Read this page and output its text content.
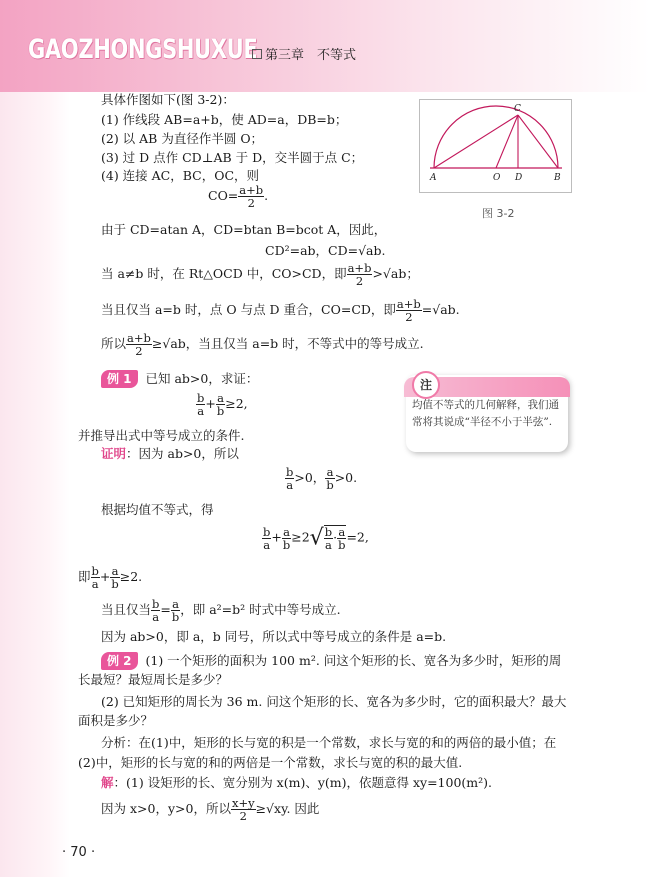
GAOZHONGSHUXUE 第三章　不等式
具体作图如下(图 3-2)：
(1) 作线段 AB=a+b，使 AD=a，DB=b；
(2) 以 AB 为直径作半圆 O；
(3) 过 D 点作 CD⊥AB 于 D，交半圆于点 C；
(4) 连接 AC，BC，OC，则
$CO= \frac{a+b}{2}$ .
由于 CD=atan A，CD=btan B=bcot A，因此，
CD²=ab，CD=√ab.
当 a≠b 时，在 Rt△OCD 中，CO>CD，即 $\frac{a+b}{2} >√ab$；
当且仅当 a=b 时，点 O 与点 D 重合，CO=CD，即 $\frac{a+b}{2} =√ab$.
所以 $\frac{a+b}{2} \ge√ab$，当且仅当 a=b 时，不等式中的等号成立.
A	O D	B
C
图 3-2
注
均值不等式的几何解释，我们通常将其说成“半径不小于半弦”.
例 1 已知 ab>0，求证：
$\frac{b}{a} + \frac{a}{b} \ge 2$,
并推导出式中等号成立的条件.
证明：因为 ab>0，所以
$\frac{b}{a} >0$， $\frac{a}{b} >0$.
根据均值不等式，得
$\frac{b}{a} + \frac{a}{b} \ge 2√ \frac{b}{a} \cdot \frac{a}{b} =2$,
即 $\frac{b}{a} + \frac{a}{b} \ge 2$.
当且仅当 $\frac{b}{a} = \frac{a}{b}$ ，即 a²=b² 时式中等号成立.
因为 ab>0，即 a，b 同号，所以式中等号成立的条件是 a=b.
例 2 (1) 一个矩形的面积为 100 m². 问这个矩形的长、宽各为多少时，矩形的周
长最短？最短周长是多少？
(2) 已知矩形的周长为 36 m. 问这个矩形的长、宽各为多少时，它的面积最大？最大
面积是多少？
分析：在(1)中，矩形的长与宽的积是一个常数，求长与宽的和的两倍的最小值；在
(2)中，矩形的长与宽的和的两倍是一个常数，求长与宽的积的最大值.
解：(1) 设矩形的长、宽分别为 x(m)、y(m)，依题意得 xy=100(m²).
因为 x>0，y>0，所以 $\frac{x+y}{2} \ge√xy$. 因此
· 70 ·
